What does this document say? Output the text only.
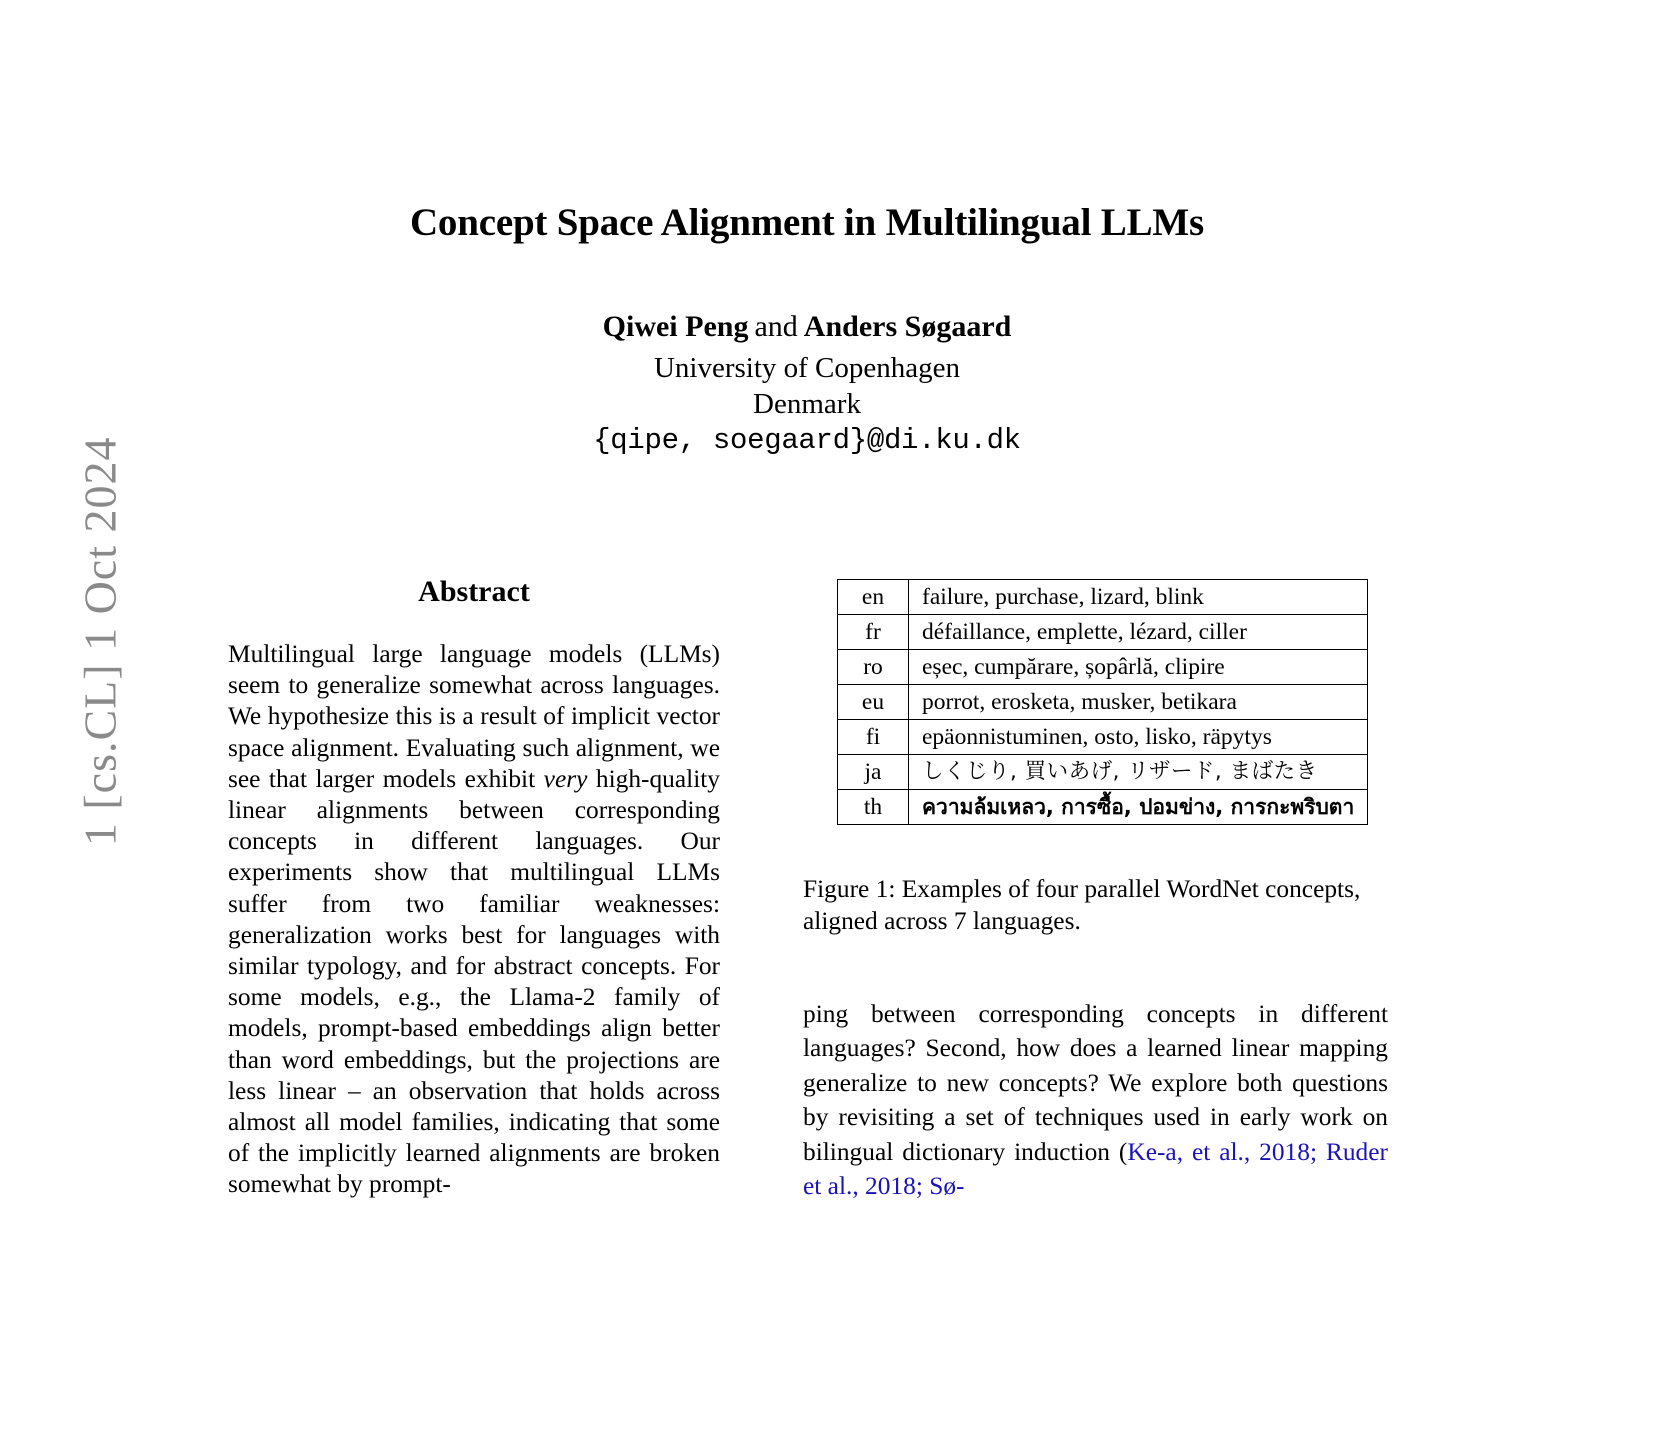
1 [cs.CL] 1 Oct 2024
Concept Space Alignment in Multilingual LLMs
Qiwei Peng and Anders Søgaard
University of Copenhagen
Denmark
{qipe, soegaard}@di.ku.dk
Abstract

Multilingual large language models (LLMs) seem to generalize somewhat across languages. We hypothesize this is a result of implicit vector space alignment. Evaluating such alignment, we see that larger models exhibit very high-quality linear alignments between corresponding concepts in different languages. Our experiments show that multilingual LLMs suffer from two familiar weaknesses: generalization works best for languages with similar typology, and for abstract concepts. For some models, e.g., the Llama-2 family of models, prompt-based embeddings align better than word embeddings, but the projections are less linear – an observation that holds across almost all model families, indicating that some of the implicitly learned alignments are broken somewhat by prompt-

en	failure, purchase, lizard, blink
fr	défaillance, emplette, lézard, ciller
ro	eșec, cumpărare, șopârlă, clipire
eu	porrot, erosketa, musker, betikara
fi	epäonnistuminen, osto, lisko, räpytys
ja	しくじり, 買いあげ, リザード, まばたき
th	ความล้มเหลว, การซื้อ, ปอมข่าง, การกะพริบตา

Figure 1: Examples of four parallel WordNet concepts, aligned across 7 languages.

ping between corresponding concepts in different languages? Second, how does a learned linear mapping generalize to new concepts? We explore both questions by revisiting a set of techniques used in early work on bilingual dictionary induction (Ke-a, et al., 2018; Ruder et al., 2018; Sø-
